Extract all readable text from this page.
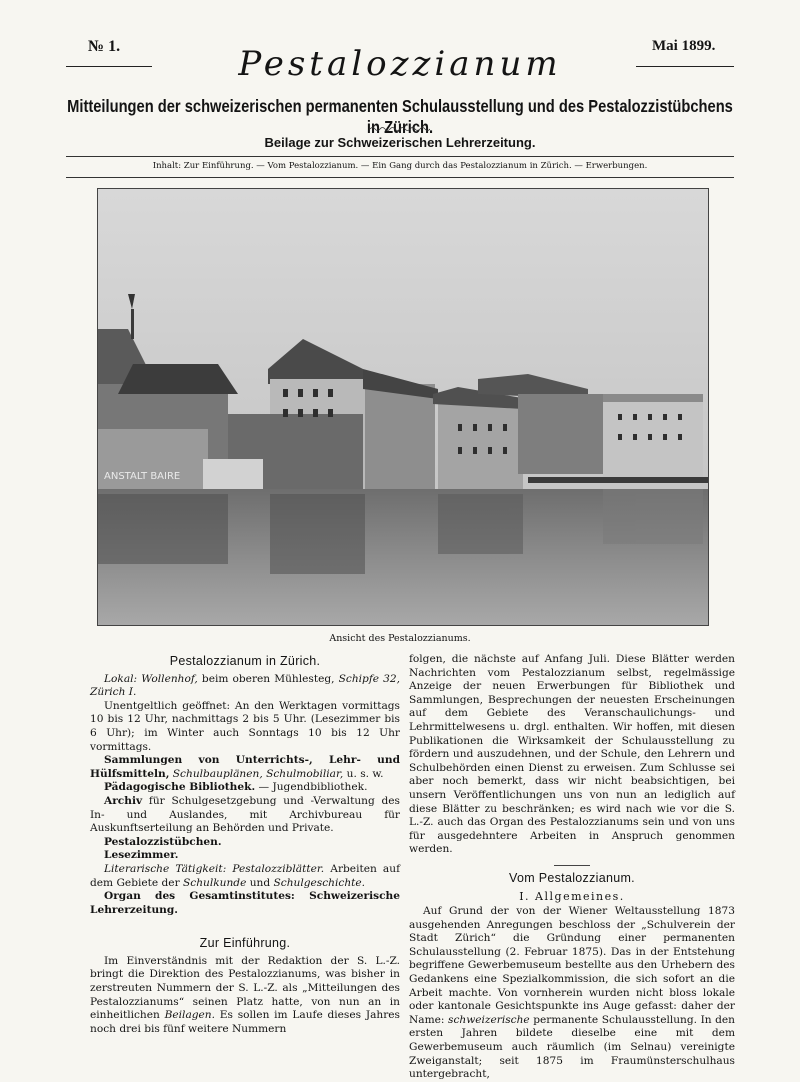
№ 1.	Mai 1899.
Pestalozzianum
Mitteilungen der schweizerischen permanenten Schulausstellung und des Pestalozzistübchens in Zürich.
Beilage zur Schweizerischen Lehrerzeitung.
Inhalt: Zur Einführung. — Vom Pestalozzianum. — Ein Gang durch das Pestalozzianum in Zürich. — Erwerbungen.
ANSTALT BAIRE
Ansicht des Pestalozzianums.
Pestalozzianum in Zürich.

Lokal: Wollenhof, beim oberen Mühlesteg, Schipfe 32, Zürich I.

Unentgeltlich geöffnet: An den Werktagen vormittags 10 bis 12 Uhr, nachmittags 2 bis 5 Uhr. (Lesezimmer bis 6 Uhr); im Winter auch Sonntags 10 bis 12 Uhr vormittags.

Sammlungen von Unterrichts-, Lehr- und Hülfsmitteln, Schulbauplänen, Schulmobiliar, u. s. w.

Pädagogische Bibliothek. — Jugendbibliothek.

Archiv für Schulgesetzgebung und -Verwaltung des In- und Auslandes, mit Archivbureau für Auskunftserteilung an Behörden und Private.

Pestalozzistübchen.

Lesezimmer.

Literarische Tätigkeit: Pestalozziblätter. Arbeiten auf dem Gebiete der Schulkunde und Schulgeschichte.

Organ des Gesamtinstitutes: Schweizerische Lehrerzeitung.

Zur Einführung.

Im Einverständnis mit der Redaktion der S. L.-Z. bringt die Direktion des Pestalozzianums, was bisher in zerstreuten Nummern der S. L.-Z. als „Mitteilungen des Pestalozzianums“ seinen Platz hatte, von nun an in einheitlichen Beilagen. Es sollen im Laufe dieses Jahres noch drei bis fünf weitere Nummern

folgen, die nächste auf Anfang Juli. Diese Blätter werden Nachrichten vom Pestalozzianum selbst, regelmässige Anzeige der neuen Erwerbungen für Bibliothek und Sammlungen, Besprechungen der neuesten Erscheinungen auf dem Gebiete des Veranschaulichungs- und Lehrmittelwesens u. drgl. enthalten. Wir hoffen, mit diesen Publikationen die Wirksamkeit der Schulausstellung zu fördern und auszudehnen, und der Schule, den Lehrern und Schulbehörden einen Dienst zu erweisen. Zum Schlusse sei aber noch bemerkt, dass wir nicht beabsichtigen, bei unsern Veröffentlichungen uns von nun an lediglich auf diese Blätter zu beschränken; es wird nach wie vor die S. L.-Z. auch das Organ des Pestalozzianums sein und von uns für ausgedehntere Arbeiten in Anspruch genommen werden.

Vom Pestalozzianum.
I. Allgemeines.

Auf Grund der von der Wiener Weltausstellung 1873 ausgehenden Anregungen beschloss der „Schulverein der Stadt Zürich“ die Gründung einer permanenten Schulausstellung (2. Februar 1875). Das in der Entstehung begriffene Gewerbemuseum bestellte aus den Urhebern des Gedankens eine Spezialkommission, die sich sofort an die Arbeit machte. Von vornherein wurden nicht bloss lokale oder kantonale Gesichtspunkte ins Auge gefasst: daher der Name: schweizerische permanente Schulausstellung. In den ersten Jahren bildete dieselbe eine mit dem Gewerbemuseum auch räumlich (im Selnau) vereinigte Zweiganstalt; seit 1875 im Fraumünsterschulhaus untergebracht,
